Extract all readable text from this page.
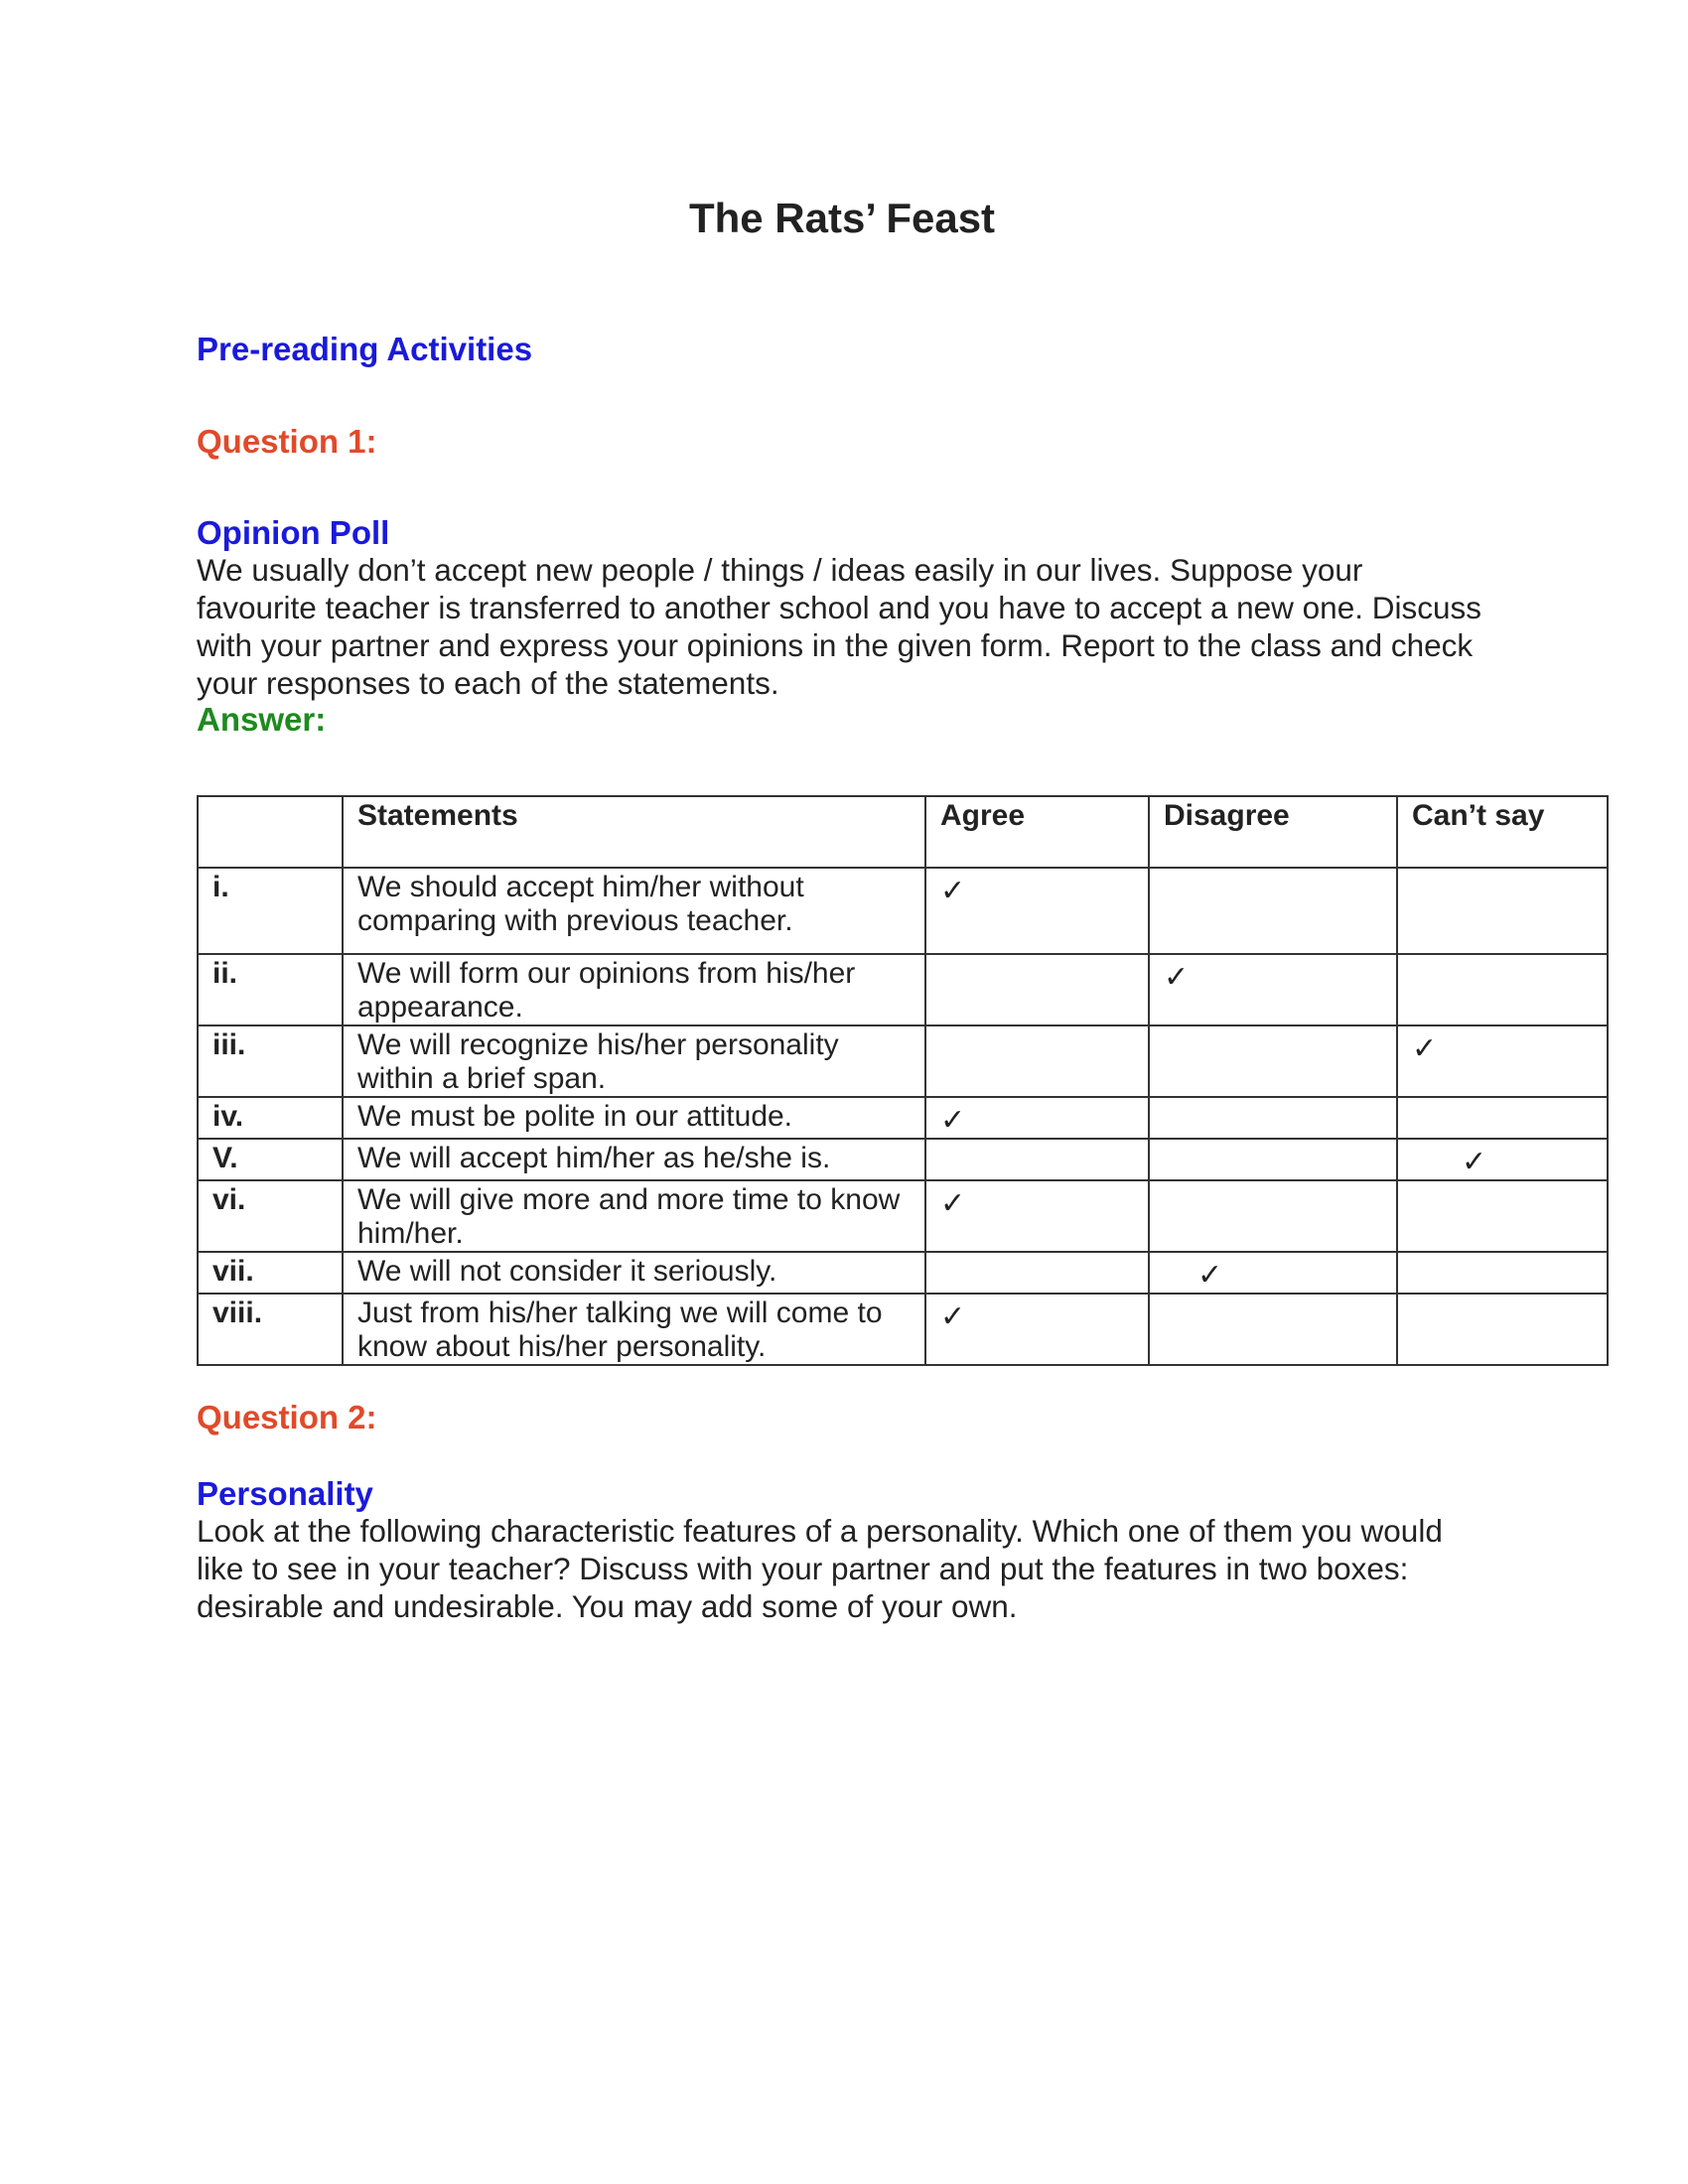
The Rats’ Feast
Pre-reading Activities
Question 1:
Opinion Poll

We usually don’t accept new people / things / ideas easily in our lives. Suppose your favourite teacher is transferred to another school and you have to accept a new one. Discuss with your partner and express your opinions in the given form. Report to the class and check your responses to each of the statements.

Answer:
	Statements	Agree	Disagree	Can’t say
i.	We should accept him/her without comparing with previous teacher.	✓		
ii.	We will form our opinions from his/her appearance.		✓	
iii.	We will recognize his/her personality within a brief span.			✓
iv.	We must be polite in our attitude.	✓		
V.	We will accept him/her as he/she is.			✓
vi.	We will give more and more time to know him/her.	✓		
vii.	We will not consider it seriously.		✓	
viii.	Just from his/her talking we will come to know about his/her personality.	✓		
Question 2:
Personality

Look at the following characteristic features of a personality. Which one of them you would like to see in your teacher? Discuss with your partner and put the features in two boxes: desirable and undesirable. You may add some of your own.
